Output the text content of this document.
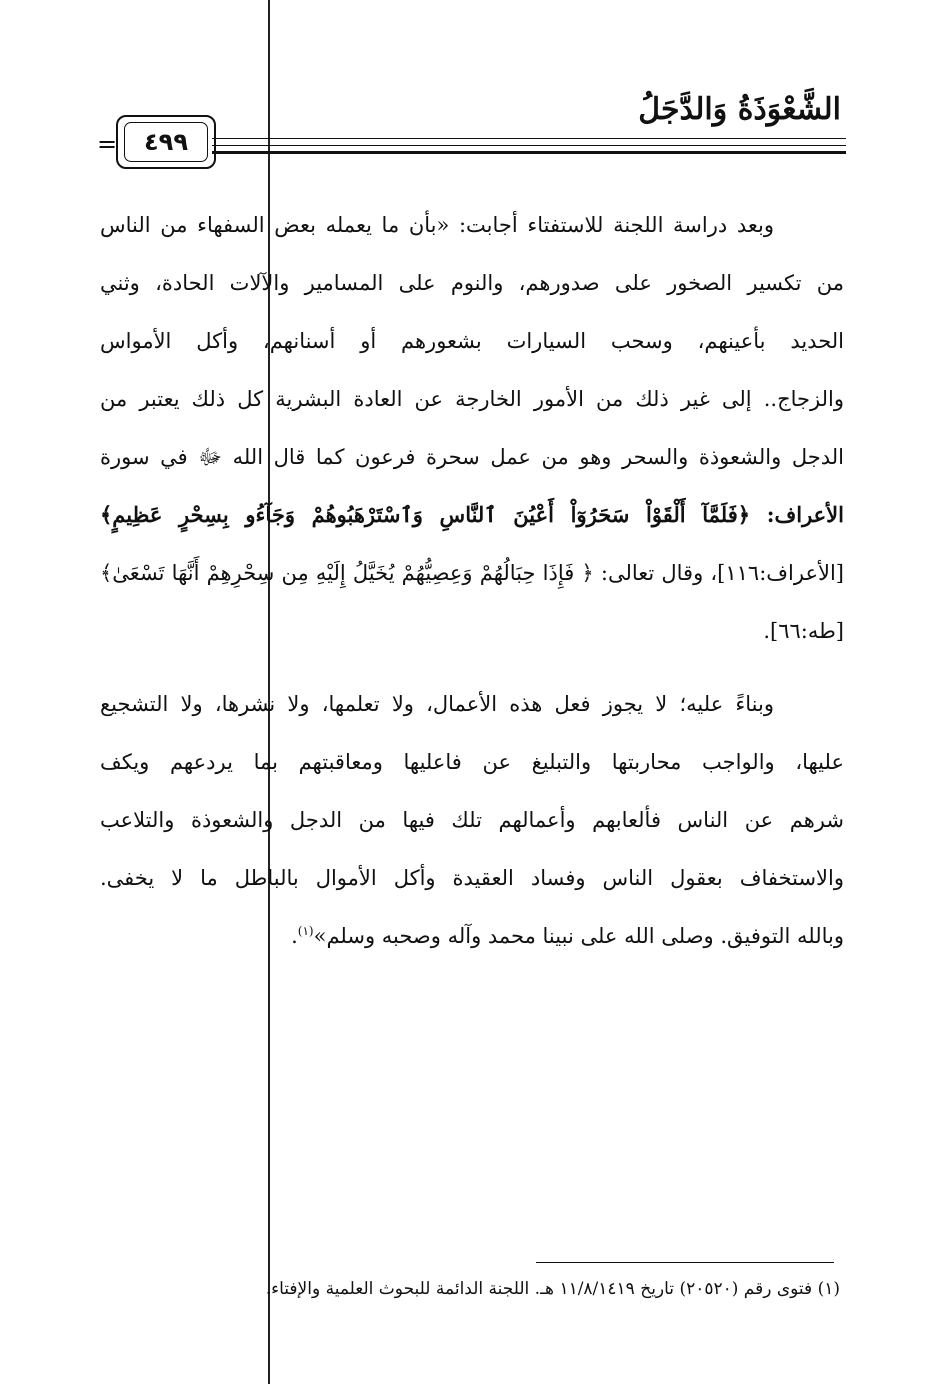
الشَّعْوَذَةُ وَالدَّجَلُ
=	٤٩٩
وبعد دراسة اللجنة للاستفتاء أجابت: «بأن ما يعمله بعض السفهاء من الناس
من تكسير الصخور على صدورهم، والنوم على المسامير والآلات الحادة، وثني
الحديد بأعينهم، وسحب السيارات بشعورهم أو أسنانهم، وأكل الأمواس
والزجاج.. إلى غير ذلك من الأمور الخارجة عن العادة البشرية كل ذلك يعتبر من
الدجل والشعوذة والسحر وهو من عمل سحرة فرعون كما قال الله ﷻ في سورة
الأعراف: ﴿فَلَمَّآ أَلْقَوْاْ سَحَرُوٓاْ أَعْيُنَ ٱلنَّاسِ وَٱسْتَرْهَبُوهُمْ وَجَآءُو بِسِحْرٍ عَظِيمٍ﴾
[الأعراف:١١٦]، وقال تعالى: ﴿ فَإِذَا حِبَالُهُمْ وَعِصِيُّهُمْ يُخَيَّلُ إِلَيْهِ مِن سِحْرِهِمْ أَنَّهَا تَسْعَىٰ﴾
[طه:٦٦].
وبناءً عليه؛ لا يجوز فعل هذه الأعمال، ولا تعلمها، ولا نشرها، ولا التشجيع
عليها، والواجب محاربتها والتبليغ عن فاعليها ومعاقبتهم بما يردعهم ويكف
شرهم عن الناس فألعابهم وأعمالهم تلك فيها من الدجل والشعوذة والتلاعب
والاستخفاف بعقول الناس وفساد العقيدة وأكل الأموال بالباطل ما لا يخفى.
وبالله التوفيق. وصلى الله على نبينا محمد وآله وصحبه وسلم»$^{(١)}$.
(١) فتوى رقم (٢٠٥٢٠) تاريخ ١١/٨/١٤١٩ هـ. اللجنة الدائمة للبحوث العلمية والإفتاء.
